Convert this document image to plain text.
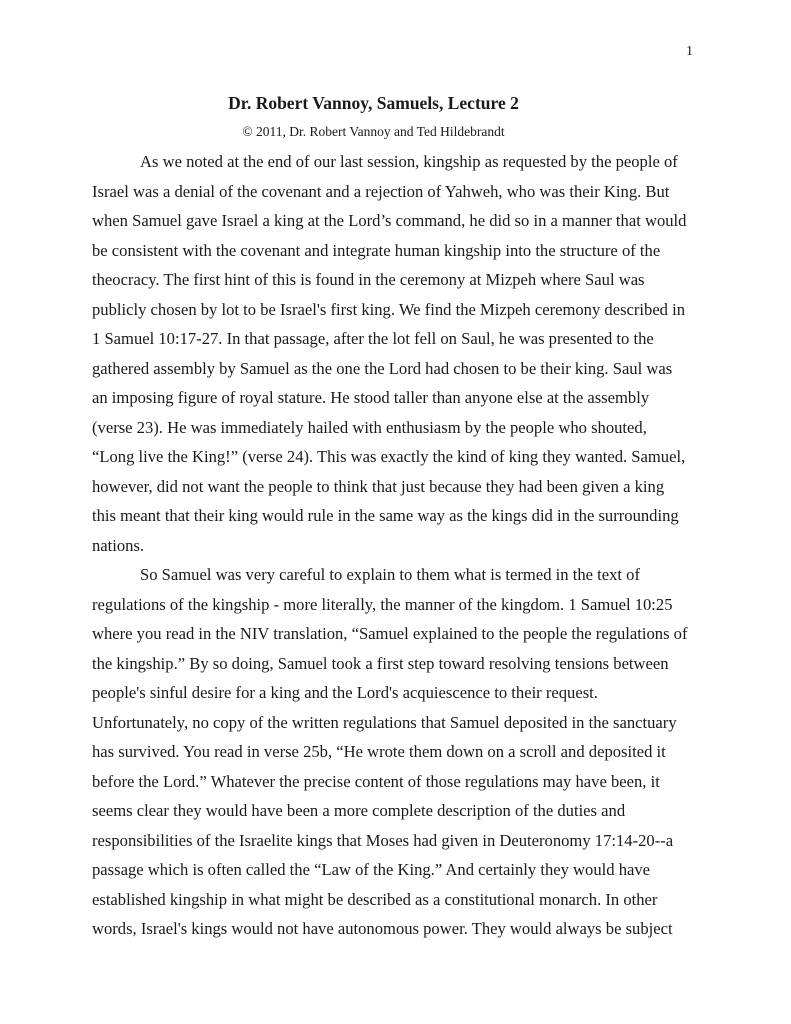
1
Dr. Robert Vannoy, Samuels, Lecture 2
© 2011, Dr. Robert Vannoy and Ted Hildebrandt
As we noted at the end of our last session, kingship as requested by the people of
Israel was a denial of the covenant and a rejection of Yahweh, who was their King. But
when Samuel gave Israel a king at the Lord’s command, he did so in a manner that would
be consistent with the covenant and integrate human kingship into the structure of the
theocracy. The first hint of this is found in the ceremony at Mizpeh where Saul was
publicly chosen by lot to be Israel's first king. We find the Mizpeh ceremony described in
1 Samuel 10:17-27. In that passage, after the lot fell on Saul, he was presented to the
gathered assembly by Samuel as the one the Lord had chosen to be their king. Saul was
an imposing figure of royal stature. He stood taller than anyone else at the assembly
(verse 23). He was immediately hailed with enthusiasm by the people who shouted,
“Long live the King!” (verse 24). This was exactly the kind of king they wanted. Samuel,
however, did not want the people to think that just because they had been given a king
this meant that their king would rule in the same way as the kings did in the surrounding
nations.
So Samuel was very careful to explain to them what is termed in the text of
regulations of the kingship - more literally, the manner of the kingdom. 1 Samuel 10:25
where you read in the NIV translation, “Samuel explained to the people the regulations of
the kingship.” By so doing, Samuel took a first step toward resolving tensions between
people's sinful desire for a king and the Lord's acquiescence to their request.
Unfortunately, no copy of the written regulations that Samuel deposited in the sanctuary
has survived. You read in verse 25b, “He wrote them down on a scroll and deposited it
before the Lord.” Whatever the precise content of those regulations may have been, it
seems clear they would have been a more complete description of the duties and
responsibilities of the Israelite kings that Moses had given in Deuteronomy 17:14-20--a
passage which is often called the “Law of the King.” And certainly they would have
established kingship in what might be described as a constitutional monarch. In other
words, Israel's kings would not have autonomous power. They would always be subject
